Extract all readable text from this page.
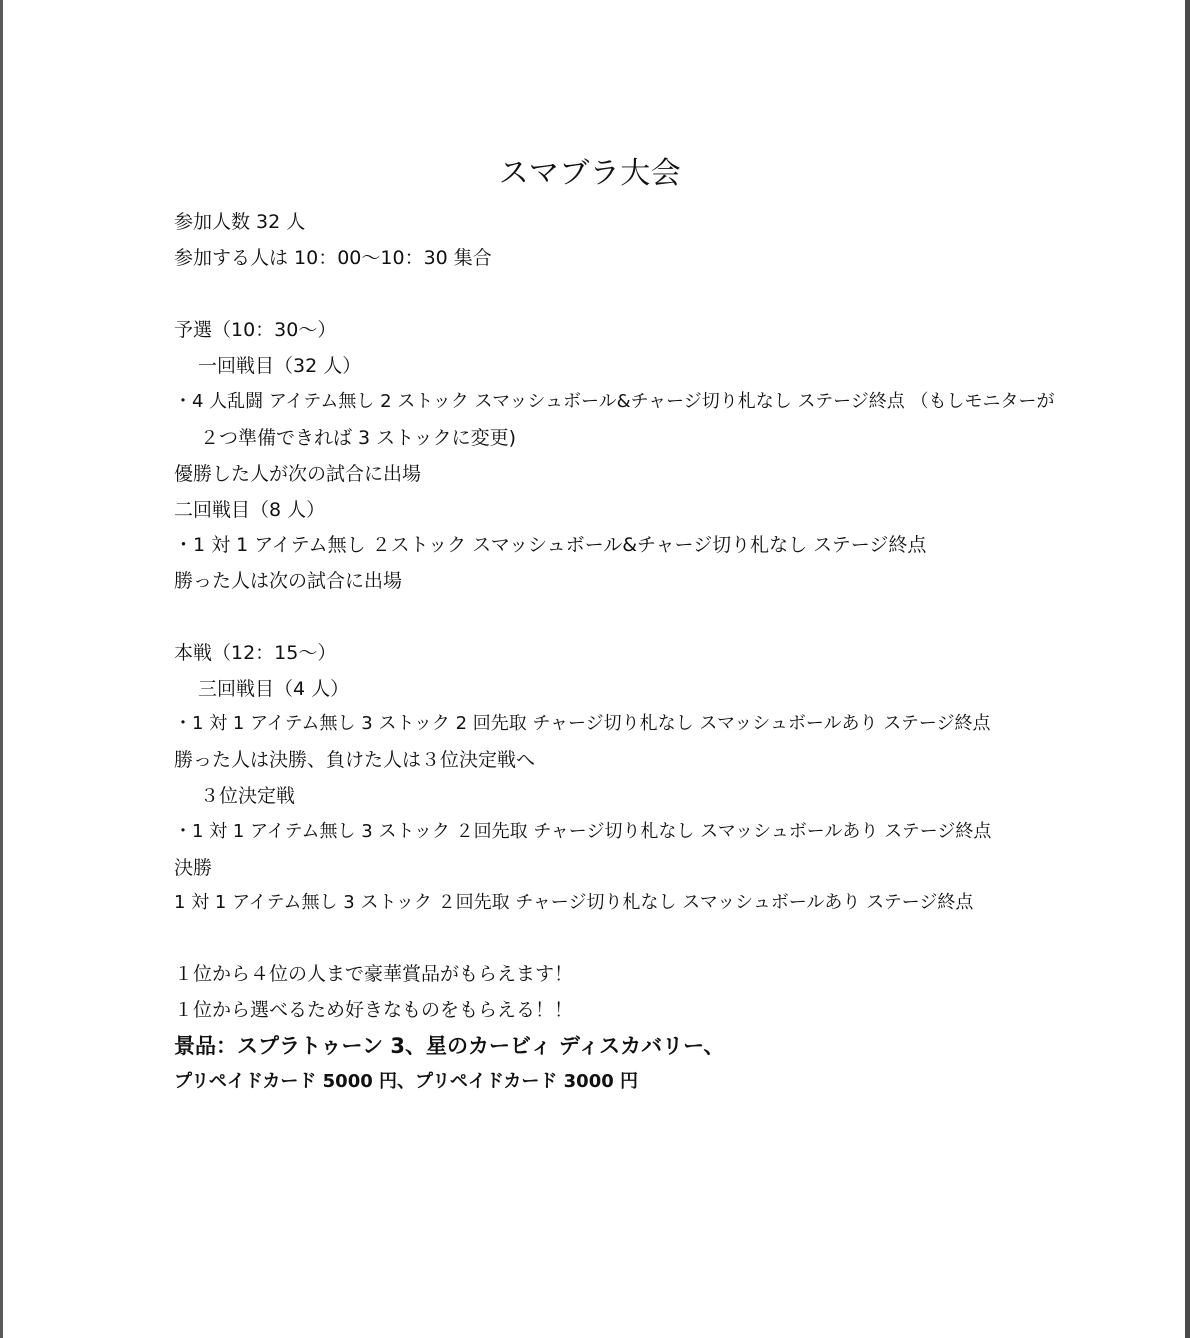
スマブラ大会
参加人数 32 人
参加する人は 10：00～10：30 集合
予選（10：30～）
一回戦目（32 人）
・4 人乱闘 アイテム無し 2 ストック スマッシュボール&チャージ切り札なし ステージ終点 （もしモニターが
２つ準備できれば 3 ストックに変更)
優勝した人が次の試合に出場
二回戦目（8 人）
・1 対 1 アイテム無し ２ストック スマッシュボール&チャージ切り札なし ステージ終点
勝った人は次の試合に出場
本戦（12：15～）
三回戦目（4 人）
・1 対 1 アイテム無し 3 ストック 2 回先取 チャージ切り札なし スマッシュボールあり ステージ終点
勝った人は決勝、負けた人は３位決定戦へ
３位決定戦
・1 対 1 アイテム無し 3 ストック ２回先取 チャージ切り札なし スマッシュボールあり ステージ終点
決勝
1 対 1 アイテム無し 3 ストック ２回先取 チャージ切り札なし スマッシュボールあり ステージ終点
１位から４位の人まで豪華賞品がもらえます！
１位から選べるため好きなものをもらえる！！
景品：スプラトゥーン 3、星のカービィ ディスカバリー、
プリペイドカード 5000 円、プリペイドカード 3000 円
